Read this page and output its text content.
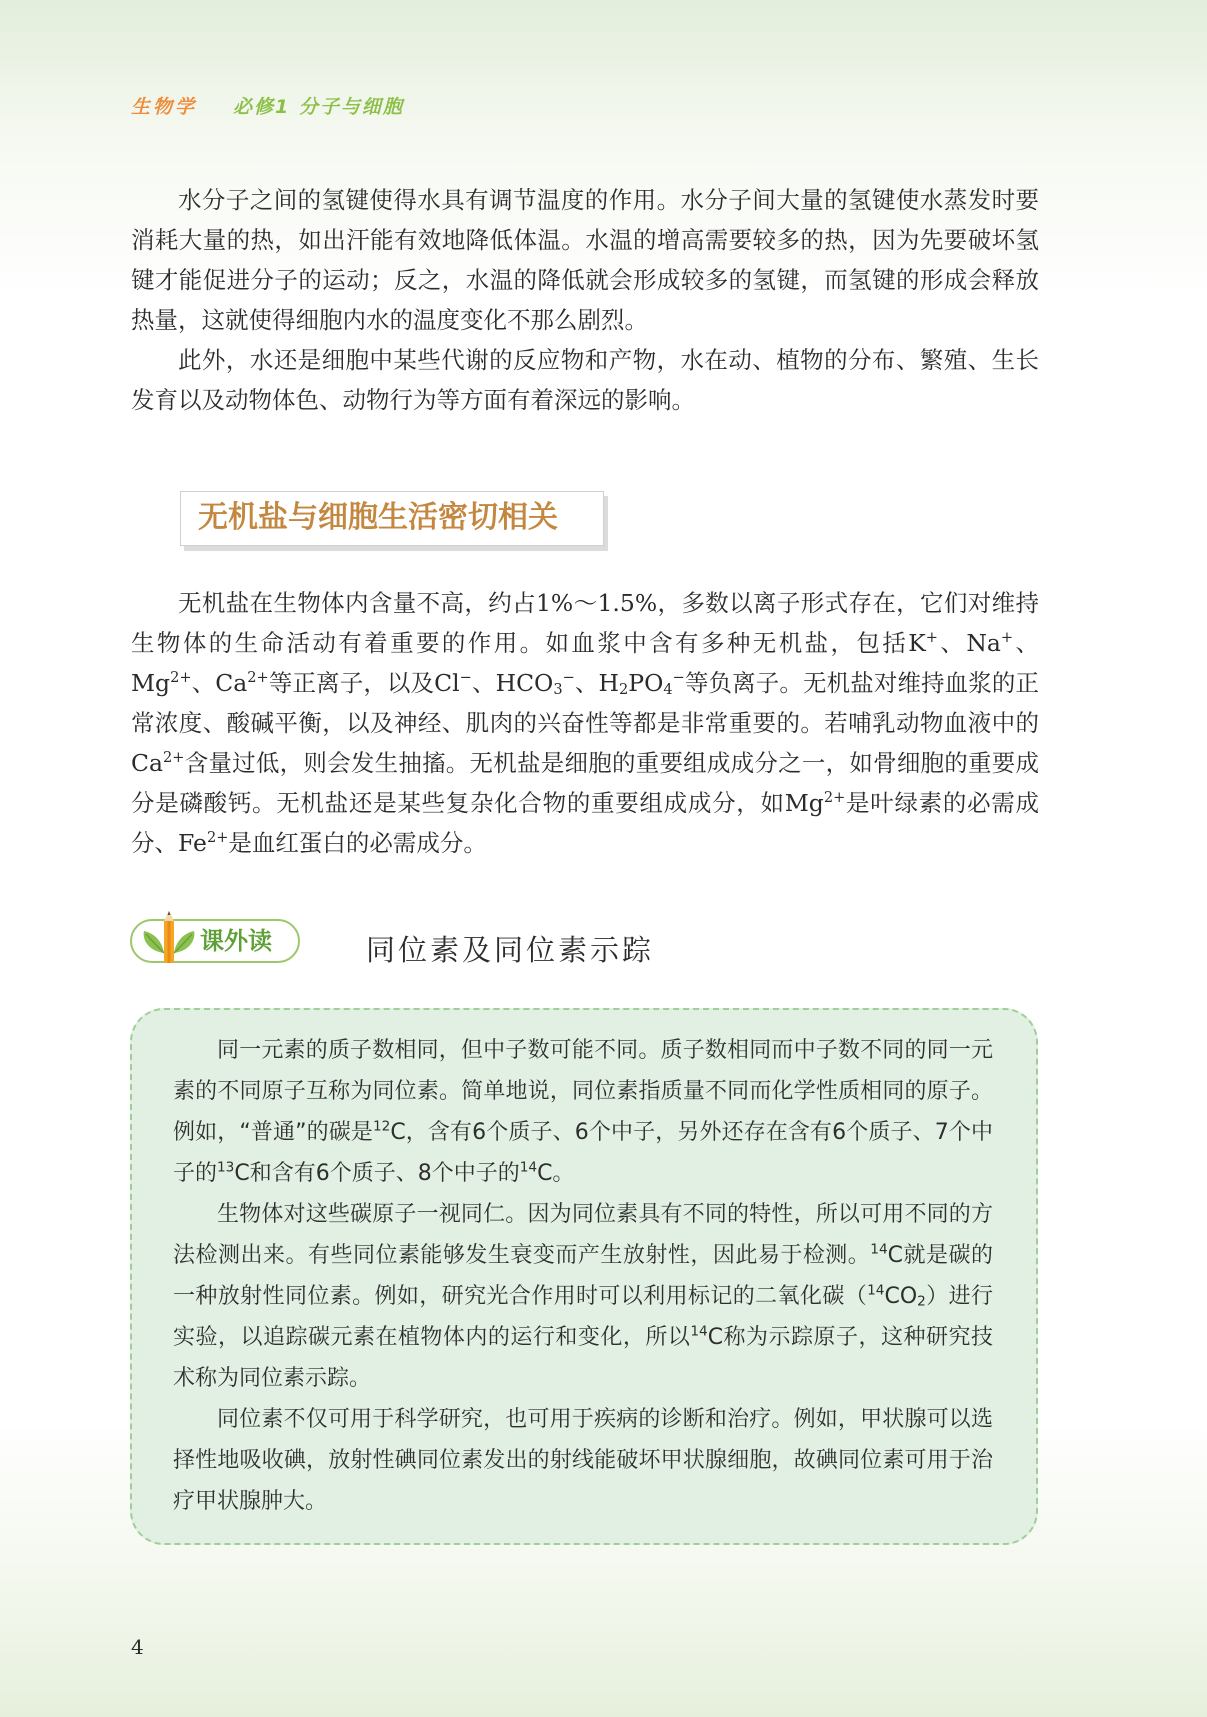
生物学 必修1 分子与细胞

水分子之间的氢键使得水具有调节温度的作用。水分子间大量的氢键使水蒸发时要消耗大量的热，如出汗能有效地降低体温。水温的增高需要较多的热，因为先要破坏氢键才能促进分子的运动；反之，水温的降低就会形成较多的氢键，而氢键的形成会释放热量，这就使得细胞内水的温度变化不那么剧烈。

此外，水还是细胞中某些代谢的反应物和产物，水在动、植物的分布、繁殖、生长发育以及动物体色、动物行为等方面有着深远的影响。

无机盐与细胞生活密切相关

无机盐在生物体内含量不高，约占1%～1.5%，多数以离子形式存在，它们对维持生物体的生命活动有着重要的作用。如血浆中含有多种无机盐，包括K+、Na+、$Mg^{2+}$、$Ca^{2+}$等正离子，以及Cl−、$HCO_3^-$、$H_2PO_4^-$等负离子。无机盐对维持血浆的正常浓度、酸碱平衡，以及神经、肌肉的兴奋性等都是非常重要的。若哺乳动物血液中的$Ca^{2+}$含量过低，则会发生抽搐。无机盐是细胞的重要组成成分之一，如骨细胞的重要成分是磷酸钙。无机盐还是某些复杂化合物的重要组成成分，如$Mg^{2+}$是叶绿素的必需成分、$Fe^{2+}$是血红蛋白的必需成分。

课外读	同位素及同位素示踪

同一元素的质子数相同，但中子数可能不同。质子数相同而中子数不同的同一元素的不同原子互称为同位素。简单地说，同位素指质量不同而化学性质相同的原子。例如，“普通”的碳是$^{12}$C，含有6个质子、6个中子，另外还存在含有6个质子、7个中子的$^{13}$C和含有6个质子、8个中子的$^{14}$C。

生物体对这些碳原子一视同仁。因为同位素具有不同的特性，所以可用不同的方法检测出来。有些同位素能够发生衰变而产生放射性，因此易于检测。$^{14}$C就是碳的一种放射性同位素。例如，研究光合作用时可以利用标记的二氧化碳$(^{14}CO_2)$进行实验，以追踪碳元素在植物体内的运行和变化，所以$^{14}$C称为示踪原子，这种研究技术称为同位素示踪。

同位素不仅可用于科学研究，也可用于疾病的诊断和治疗。例如，甲状腺可以选择性地吸收碘，放射性碘同位素发出的射线能破坏甲状腺细胞，故碘同位素可用于治疗甲状腺肿大。

4
